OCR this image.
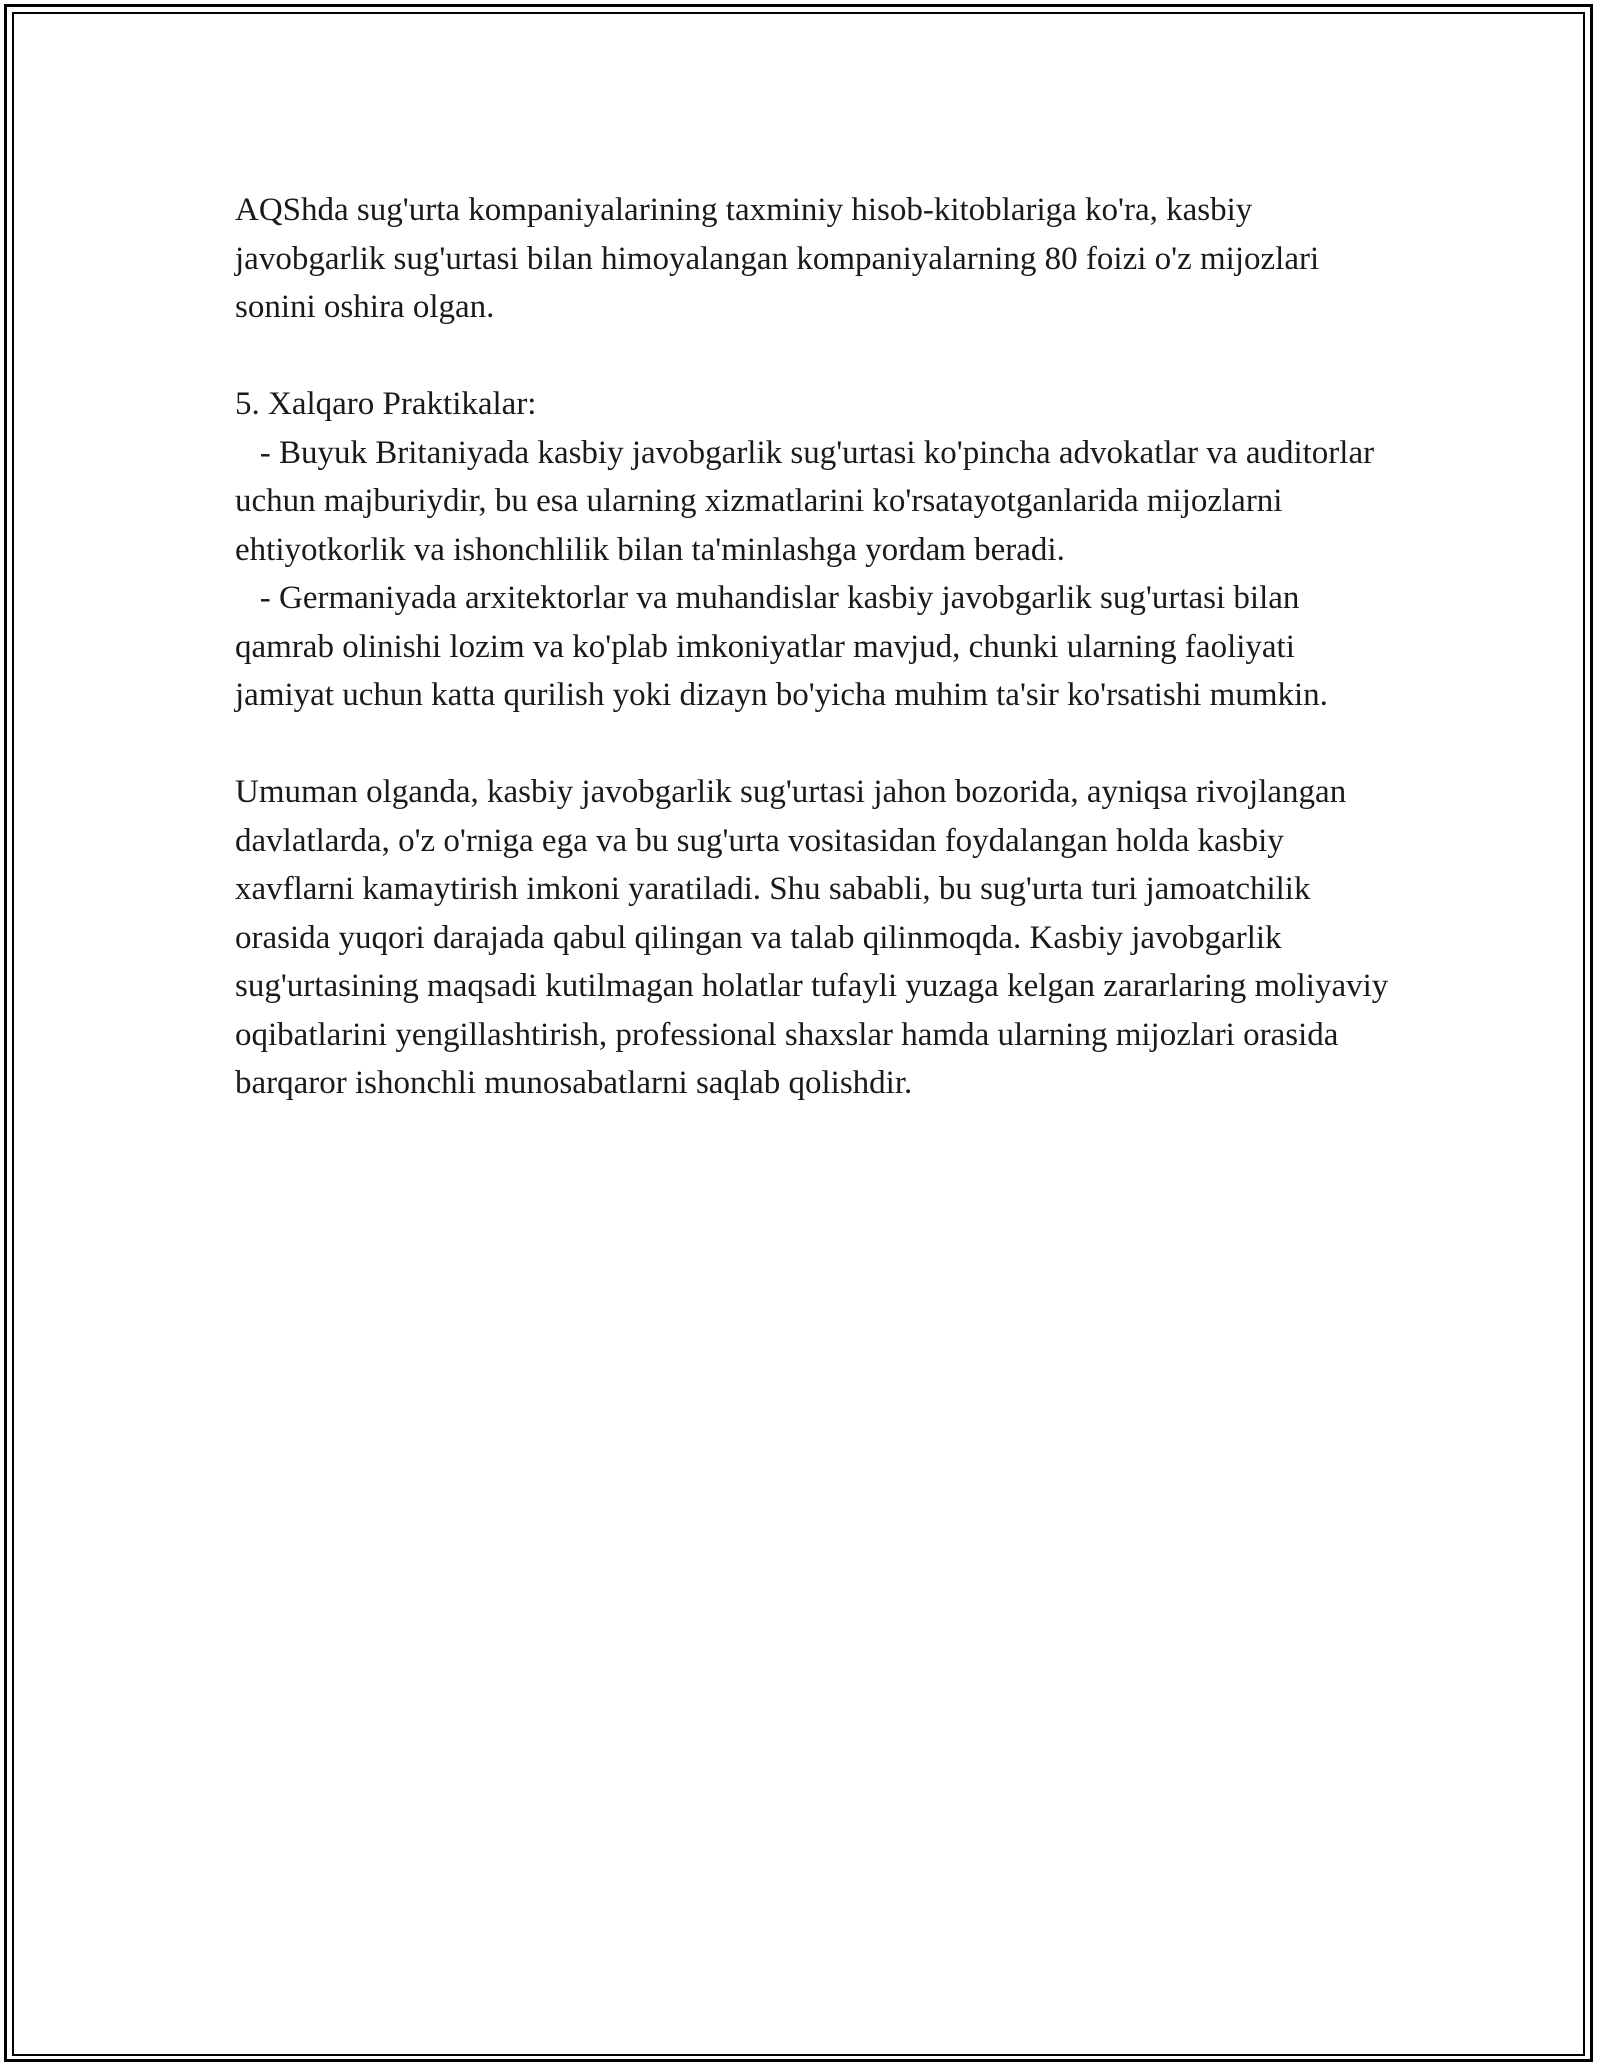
AQShda sug'urta kompaniyalarining taxminiy hisob-kitoblariga ko'ra, kasbiy javobgarlik sug'urtasi bilan himoyalangan kompaniyalarning 80 foizi o'z mijozlari sonini oshira olgan.

5. Xalqaro Praktikalar:

- Buyuk Britaniyada kasbiy javobgarlik sug'urtasi ko'pincha advokatlar va auditorlar uchun majburiydir, bu esa ularning xizmatlarini ko'rsatayotganlarida mijozlarni ehtiyotkorlik va ishonchlilik bilan ta'minlashga yordam beradi.

- Germaniyada arxitektorlar va muhandislar kasbiy javobgarlik sug'urtasi bilan qamrab olinishi lozim va ko'plab imkoniyatlar mavjud, chunki ularning faoliyati jamiyat uchun katta qurilish yoki dizayn bo'yicha muhim ta'sir ko'rsatishi mumkin.

Umuman olganda, kasbiy javobgarlik sug'urtasi jahon bozorida, ayniqsa rivojlangan davlatlarda, o'z o'rniga ega va bu sug'urta vositasidan foydalangan holda kasbiy xavflarni kamaytirish imkoni yaratiladi. Shu sababli, bu sug'urta turi jamoatchilik orasida yuqori darajada qabul qilingan va talab qilinmoqda. Kasbiy javobgarlik sug'urtasining maqsadi kutilmagan holatlar tufayli yuzaga kelgan zararlaring moliyaviy oqibatlarini yengillashtirish, professional shaxslar hamda ularning mijozlari orasida barqaror ishonchli munosabatlarni saqlab qolishdir.
